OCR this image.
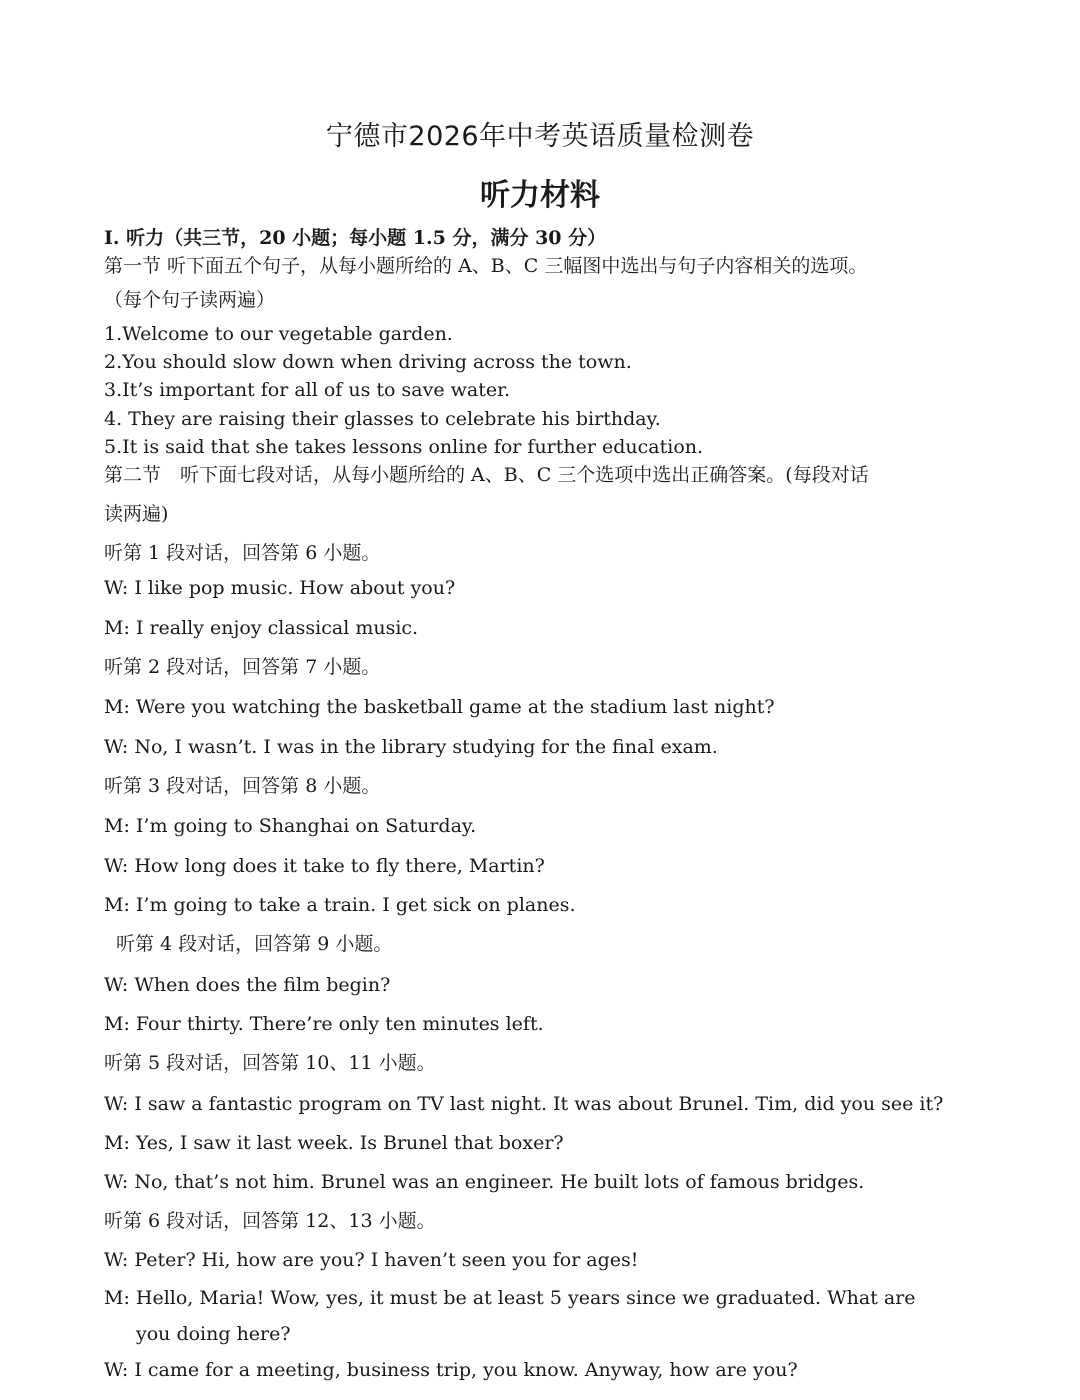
宁德市2026年中考英语质量检测卷
听力材料

I. 听力（共三节，20 小题；每小题 1.5 分，满分 30 分）

第一节 听下面五个句子，从每小题所给的 A、B、C 三幅图中选出与句子内容相关的选项。

（每个句子读两遍）

1.Welcome to our vegetable garden.

2.You should slow down when driving across the town.

3.It’s important for all of us to save water.

4. They are raising their glasses to celebrate his birthday.

5.It is said that she takes lessons online for further education.

第二节　听下面七段对话，从每小题所给的 A、B、C 三个选项中选出正确答案。(每段对话

读两遍)

听第 1 段对话，回答第 6 小题。

W: I like pop music. How about you?

M: I really enjoy classical music.

听第 2 段对话，回答第 7 小题。

M: Were you watching the basketball game at the stadium last night?

W: No, I wasn’t. I was in the library studying for the final exam.

听第 3 段对话，回答第 8 小题。

M: I’m going to Shanghai on Saturday.

W: How long does it take to fly there, Martin?

M: I’m going to take a train. I get sick on planes.

听第 4 段对话，回答第 9 小题。

W: When does the film begin?

M: Four thirty. There’re only ten minutes left.

听第 5 段对话，回答第 10、11 小题。

W: I saw a fantastic program on TV last night. It was about Brunel. Tim, did you see it?

M: Yes, I saw it last week. Is Brunel that boxer?

W: No, that’s not him. Brunel was an engineer. He built lots of famous bridges.

听第 6 段对话，回答第 12、13 小题。

W: Peter? Hi, how are you? I haven’t seen you for ages!

M: Hello, Maria! Wow, yes, it must be at least 5 years since we graduated. What are

you doing here?

W: I came for a meeting, business trip, you know. Anyway, how are you?
